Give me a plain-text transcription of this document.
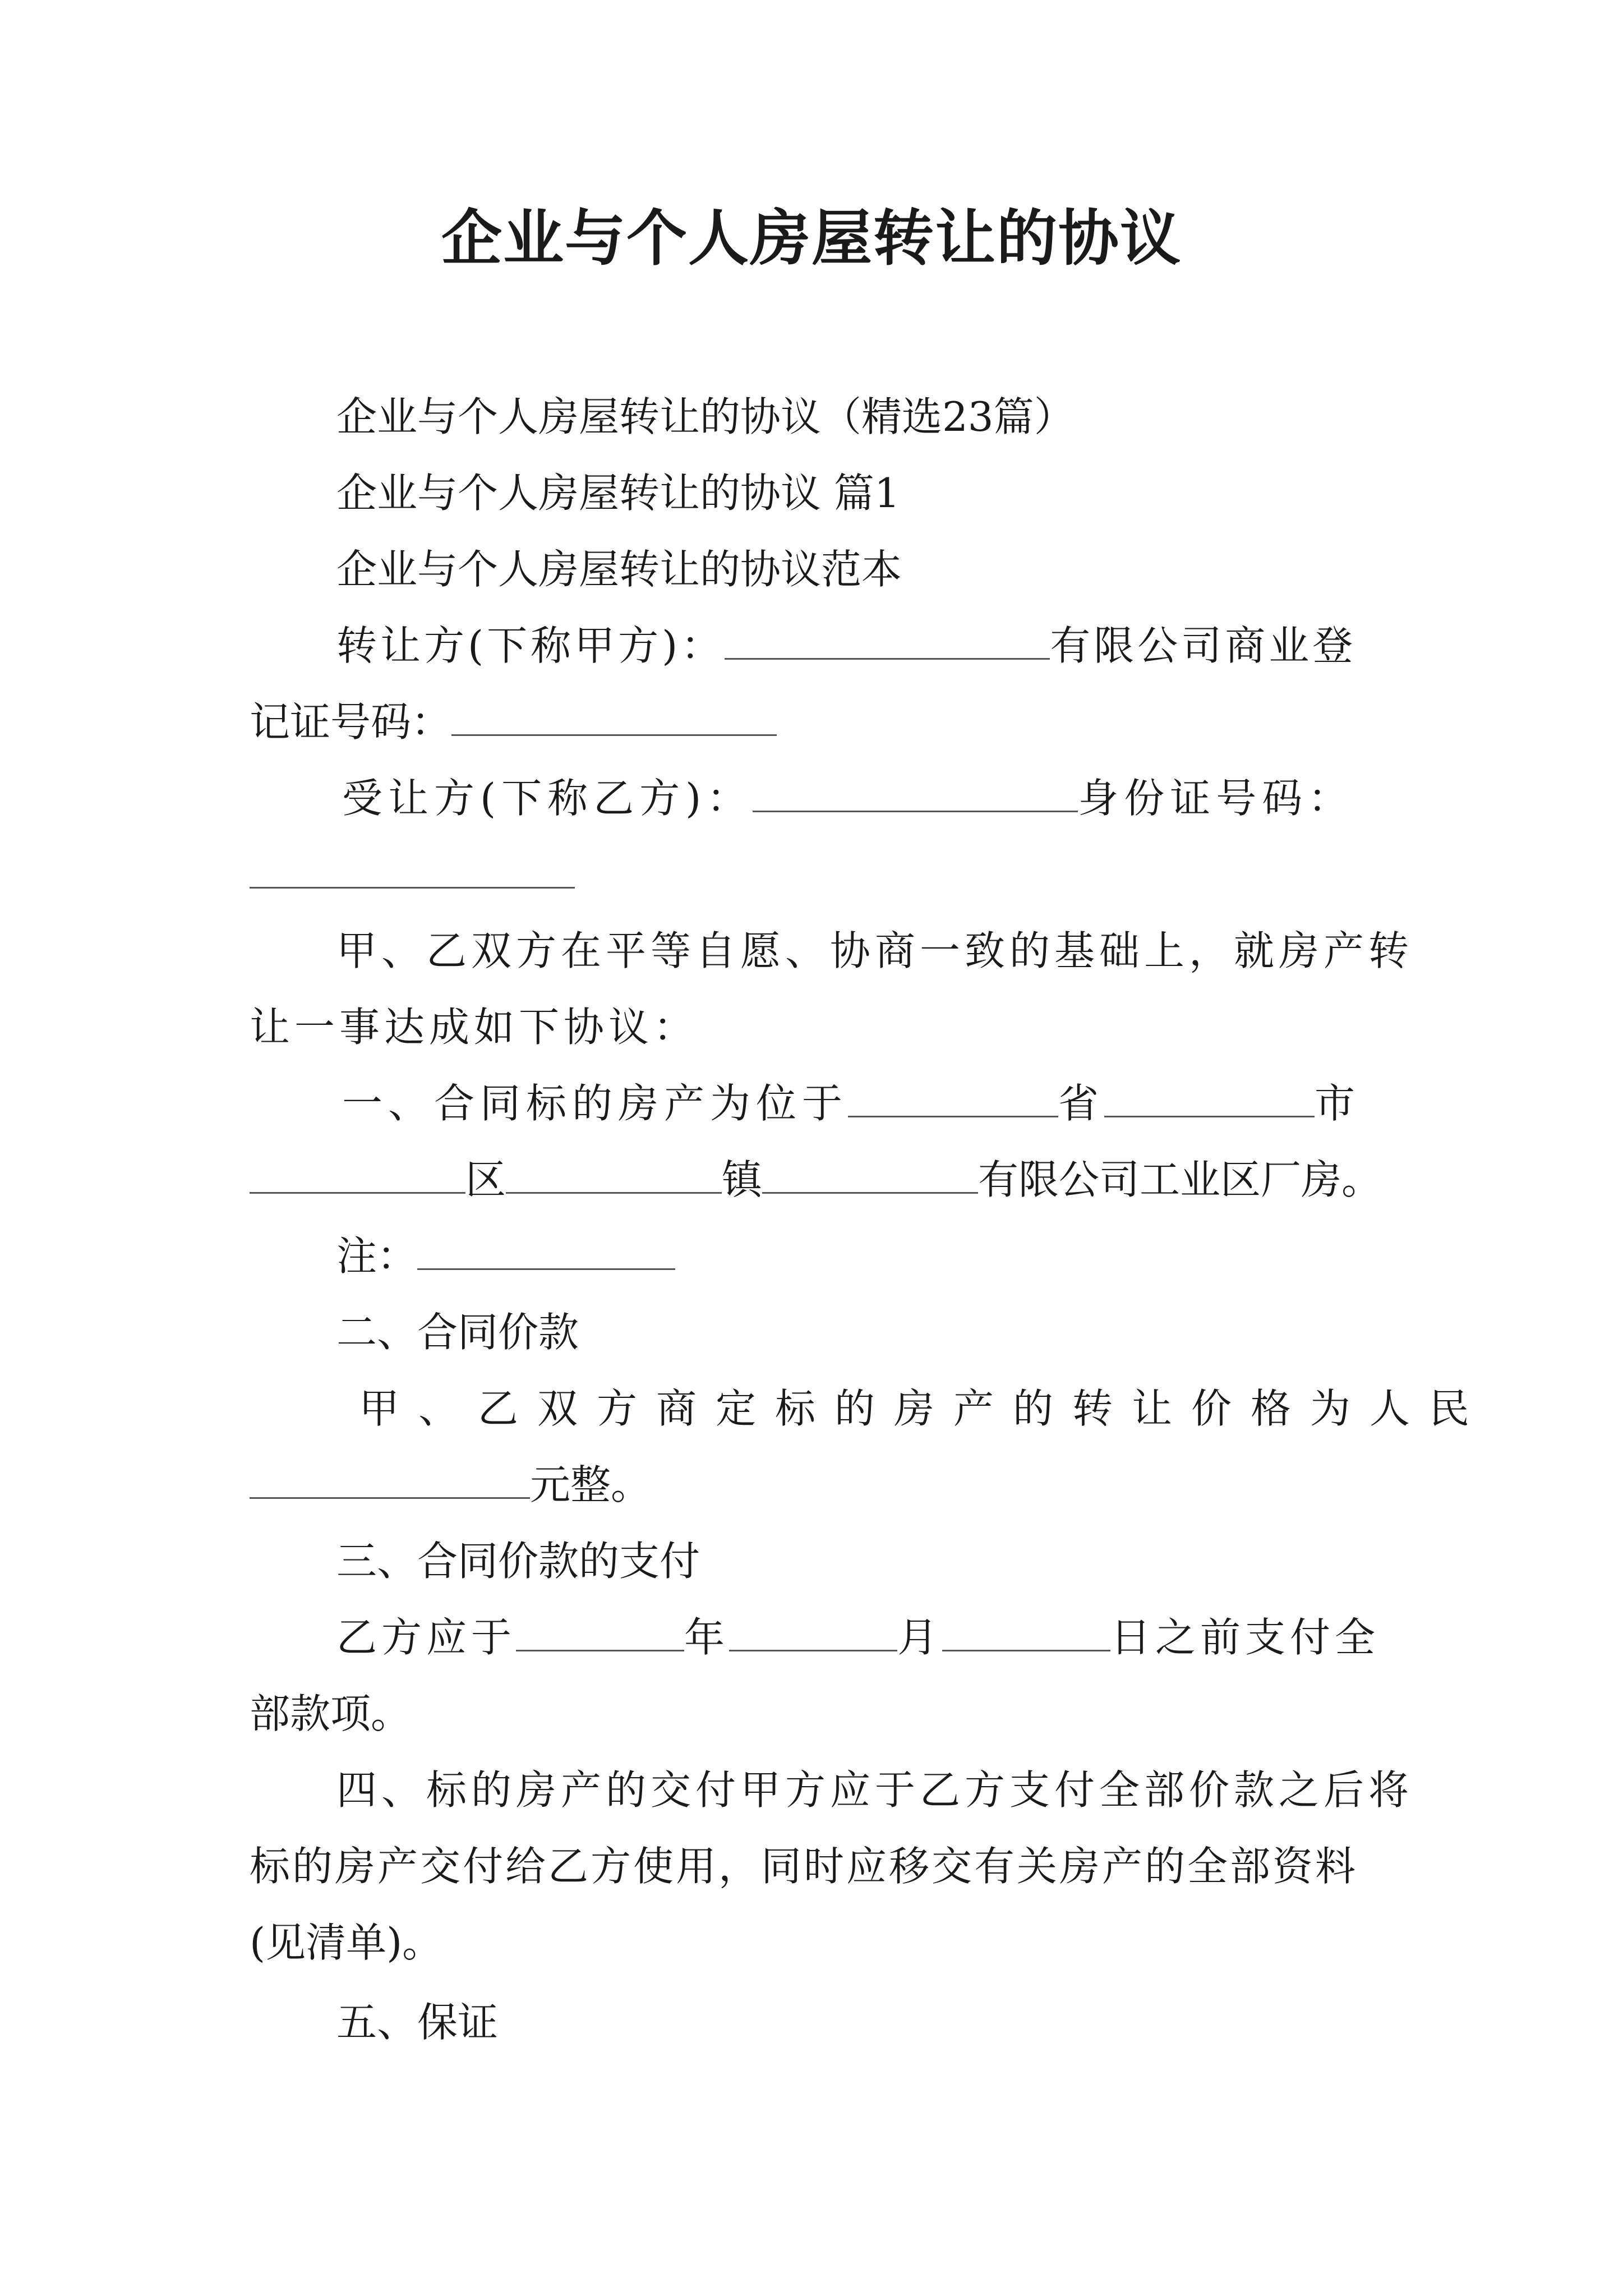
企业与个人房屋转让的协议
企业与个人房屋转让的协议（精选23篇）
企业与个人房屋转让的协议 篇1
企业与个人房屋转让的协议范本
转让方(下称甲方)：	有限公司商业登
记证号码：
受让方(下称乙方)：	身份证号码：
甲、乙双方在平等自愿、协商一致的基础上，就房产转
让一事达成如下协议：
一、合同标的房产为位于	省	市
区	镇	有限公司工业区厂房。
注：
二、合同价款
甲、乙双方商定标的房产的转让价格为人民
元整。
三、合同价款的支付
乙方应于	年	月	日之前支付全
部款项。
四、标的房产的交付甲方应于乙方支付全部价款之后将
标的房产交付给乙方使用，同时应移交有关房产的全部资料
(见清单)。
五、保证
